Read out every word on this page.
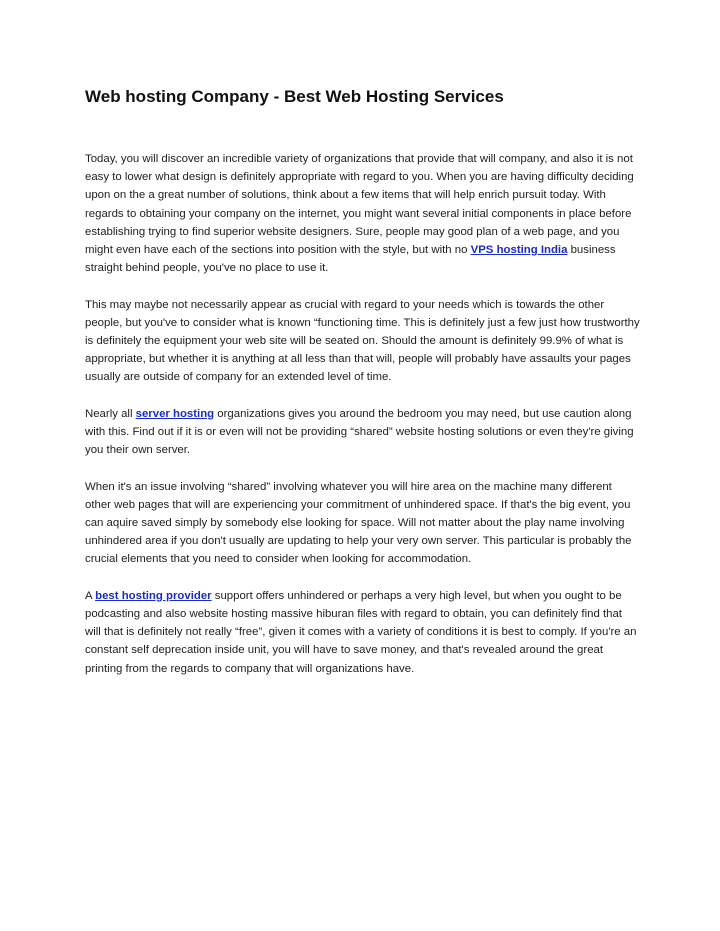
Web hosting Company - Best Web Hosting Services

Today, you will discover an incredible variety of organizations that provide that will company, and also it is not easy to lower what design is definitely appropriate with regard to you. When you are having difficulty deciding upon on the a great number of solutions, think about a few items that will help enrich pursuit today. With regards to obtaining your company on the internet, you might want several initial components in place before establishing trying to find superior website designers. Sure, people may good plan of a web page, and you might even have each of the sections into position with the style, but with no VPS hosting India business straight behind people, you've no place to use it.

This may maybe not necessarily appear as crucial with regard to your needs which is towards the other people, but you've to consider what is known “functioning time. This is definitely just a few just how trustworthy is definitely the equipment your web site will be seated on. Should the amount is definitely 99.9% of what is appropriate, but whether it is anything at all less than that will, people will probably have assaults your pages usually are outside of company for an extended level of time.

Nearly all server hosting organizations gives you around the bedroom you may need, but use caution along with this. Find out if it is or even will not be providing “shared” website hosting solutions or even they're giving you their own server.

When it's an issue involving “shared” involving whatever you will hire area on the machine many different other web pages that will are experiencing your commitment of unhindered space. If that's the big event, you can aquire saved simply by somebody else looking for space. Will not matter about the play name involving unhindered area if you don't usually are updating to help your very own server. This particular is probably the crucial elements that you need to consider when looking for accommodation.

A best hosting provider support offers unhindered or perhaps a very high level, but when you ought to be podcasting and also website hosting massive hiburan files with regard to obtain, you can definitely find that will that is definitely not really “free”, given it comes with a variety of conditions it is best to comply. If you're an constant self deprecation inside unit, you will have to save money, and that's revealed around the great printing from the regards to company that will organizations have.
